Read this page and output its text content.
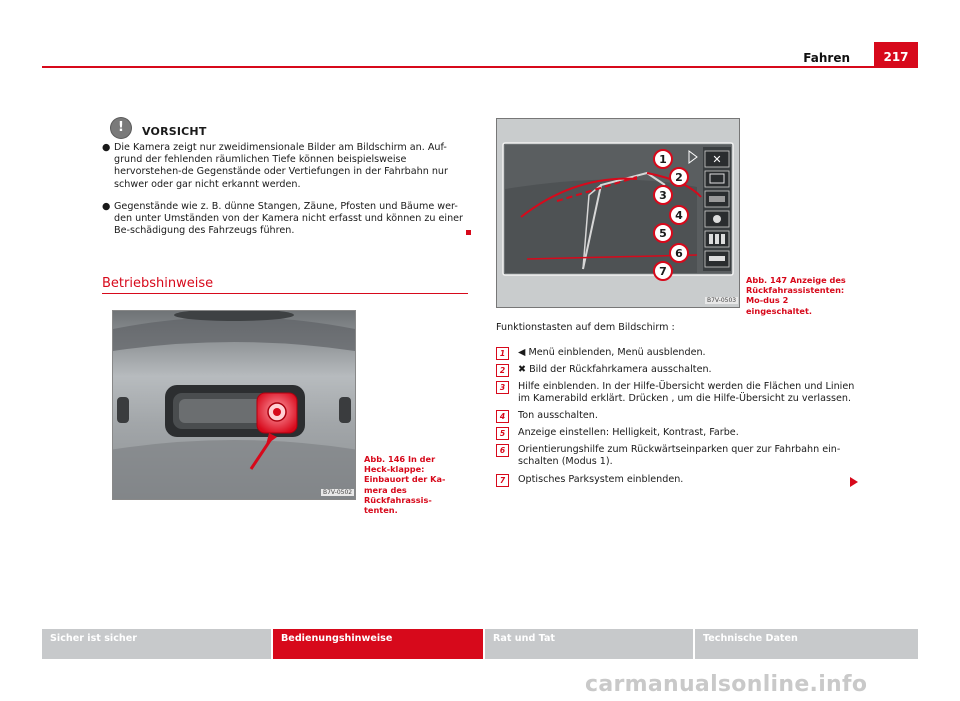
Fahren	217
!	VORSICHT
● Die Kamera zeigt nur zweidimensionale Bilder am Bildschirm an. Auf-grund der fehlenden räumlichen Tiefe können beispielsweise hervorstehen-de Gegenstände oder Vertiefungen in der Fahrbahn nur schwer oder gar nicht erkannt werden.
● Gegenstände wie z. B. dünne Stangen, Zäune, Pfosten und Bäume wer-den unter Umständen von der Kamera nicht erfasst und können zu einer Be-schädigung des Fahrzeugs führen.
Betriebshinweise
B7V-0502
Abb. 146 In der Heck-klappe: Einbauort der Ka-mera des Rückfahrassis-tenten.
✕
1
2
3
4
5
6
7
B7V-0503
Abb. 147 Anzeige des Rückfahrassistenten: Mo-dus 2 eingeschaltet.
Funktionstasten auf dem Bildschirm :
1	◀ Menü einblenden, Menü ausblenden.
2	✖ Bild der Rückfahrkamera ausschalten.
3	Hilfe einblenden. In der Hilfe-Übersicht werden die Flächen und Linien im Kamerabild erklärt. Drücken , um die Hilfe-Übersicht zu verlassen.
4	Ton ausschalten.
5	Anzeige einstellen: Helligkeit, Kontrast, Farbe.
6	Orientierungshilfe zum Rückwärtseinparken quer zur Fahrbahn ein-schalten (Modus 1).
7	Optisches Parksystem einblenden.
Sicher ist sicher	Bedienungshinweise	Rat und Tat	Technische Daten
carmanualsonline.info
